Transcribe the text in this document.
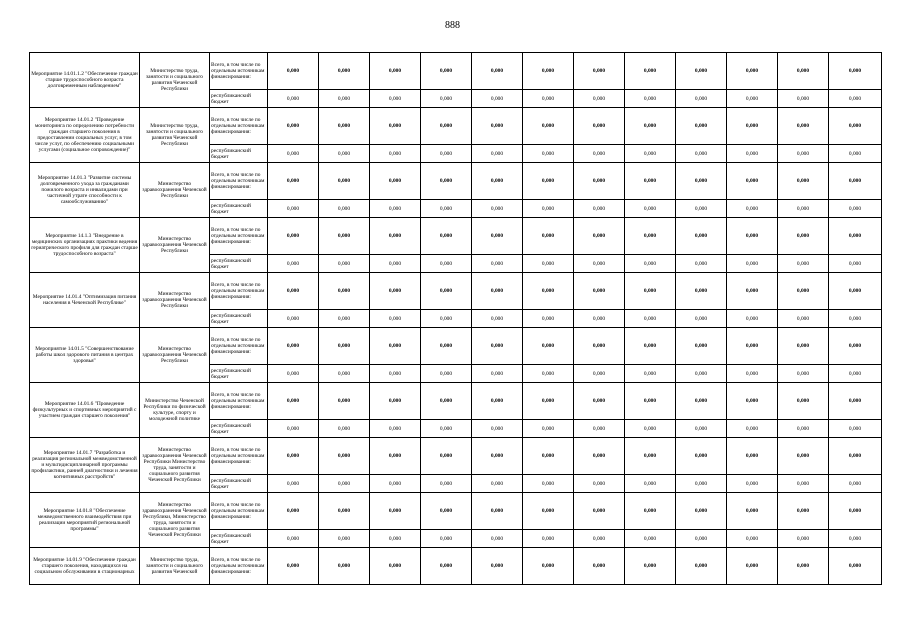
888
Мероприятие 14.01.1.2 "Обеспечение граждан старше трудоспособного возраста долговременным наблюдением"	Министерство труда, занятости и социального развития Чеченской Республики	Всего, в том числе по отдельным источникам финансирования:	0,000	0,000	0,000	0,000	0,000	0,000	0,000	0,000	0,000	0,000	0,000	0,000
		республиканский бюджет	0,000	0,000	0,000	0,000	0,000	0,000	0,000	0,000	0,000	0,000	0,000	0,000
Мероприятие 14.01.2 "Проведение мониторинга по определению потребности граждан старшего поколения в предоставлении социальных услуг, в том числе услуг, по обеспечению социальными услугами (социальное сопровождение)"	Министерство труда, занятости и социального развития Чеченской Республики	Всего, в том числе по отдельным источникам финансирования:	0,000	0,000	0,000	0,000	0,000	0,000	0,000	0,000	0,000	0,000	0,000	0,000
		республиканский бюджет	0,000	0,000	0,000	0,000	0,000	0,000	0,000	0,000	0,000	0,000	0,000	0,000
Мероприятие 14.01.3 "Развитие системы долговременного ухода за гражданами пожилого возраста и инвалидами при частичной утрате способности к самообслуживанию"	Министерство здравоохранения Чеченской Республики	Всего, в том числе по отдельным источникам финансирования:	0,000	0,000	0,000	0,000	0,000	0,000	0,000	0,000	0,000	0,000	0,000	0,000
		республиканский бюджет	0,000	0,000	0,000	0,000	0,000	0,000	0,000	0,000	0,000	0,000	0,000	0,000
Мероприятие 14.1.3 "Внедрение в медицинских организациях практики ведения гериатрического профиля для граждан старше трудоспособного возраста"	Министерство здравоохранения Чеченской Республики	Всего, в том числе по отдельным источникам финансирования:	0,000	0,000	0,000	0,000	0,000	0,000	0,000	0,000	0,000	0,000	0,000	0,000
		республиканский бюджет	0,000	0,000	0,000	0,000	0,000	0,000	0,000	0,000	0,000	0,000	0,000	0,000
Мероприятие 14.01.4 "Оптимизация питания населения в Чеченской Республике"	Министерство здравоохранения Чеченской Республики	Всего, в том числе по отдельным источникам финансирования:	0,000	0,000	0,000	0,000	0,000	0,000	0,000	0,000	0,000	0,000	0,000	0,000
		республиканский бюджет	0,000	0,000	0,000	0,000	0,000	0,000	0,000	0,000	0,000	0,000	0,000	0,000
Мероприятие 14.01.5 "Совершенствование работы школ здорового питания в центрах здоровья"	Министерство здравоохранения Чеченской Республики	Всего, в том числе по отдельным источникам финансирования:	0,000	0,000	0,000	0,000	0,000	0,000	0,000	0,000	0,000	0,000	0,000	0,000
		республиканский бюджет	0,000	0,000	0,000	0,000	0,000	0,000	0,000	0,000	0,000	0,000	0,000	0,000
Мероприятие 14.01.6 "Проведение физкультурных и спортивных мероприятий с участием граждан старшего поколения"	Министерство Чеченской Республики по физической культуре, спорту и молодежной политике	Всего, в том числе по отдельным источникам финансирования:	0,000	0,000	0,000	0,000	0,000	0,000	0,000	0,000	0,000	0,000	0,000	0,000
		республиканский бюджет	0,000	0,000	0,000	0,000	0,000	0,000	0,000	0,000	0,000	0,000	0,000	0,000
Мероприятие 14.01.7 "Разработка и реализация региональной межведомственной и мультидисциплинарной программы профилактики, ранней диагностики и лечения когнитивных расстройств"	Министерство здравоохранения Чеченской Республики Министерство труда, занятости и социального развития Чеченской Республики	Всего, в том числе по отдельным источникам финансирования:	0,000	0,000	0,000	0,000	0,000	0,000	0,000	0,000	0,000	0,000	0,000	0,000
		республиканский бюджет	0,000	0,000	0,000	0,000	0,000	0,000	0,000	0,000	0,000	0,000	0,000	0,000
Мероприятие 14.01.8 "Обеспечение межведомственного взаимодействия при реализации мероприятий региональной программы"	Министерство здравоохранения Чеченской Республики, Министерство труда, занятости и социального развития Чеченской Республики	Всего, в том числе по отдельным источникам финансирования:	0,000	0,000	0,000	0,000	0,000	0,000	0,000	0,000	0,000	0,000	0,000	0,000
		республиканский бюджет	0,000	0,000	0,000	0,000	0,000	0,000	0,000	0,000	0,000	0,000	0,000	0,000
Мероприятие 14.01.9 "Обеспечение граждан старшего поколения, находящихся на социальном обслуживании в стационарных	Министерство труда, занятости и социального развития Чеченской	Всего, в том числе по отдельным источникам финансирования:	0,000	0,000	0,000	0,000	0,000	0,000	0,000	0,000	0,000	0,000	0,000	0,000
